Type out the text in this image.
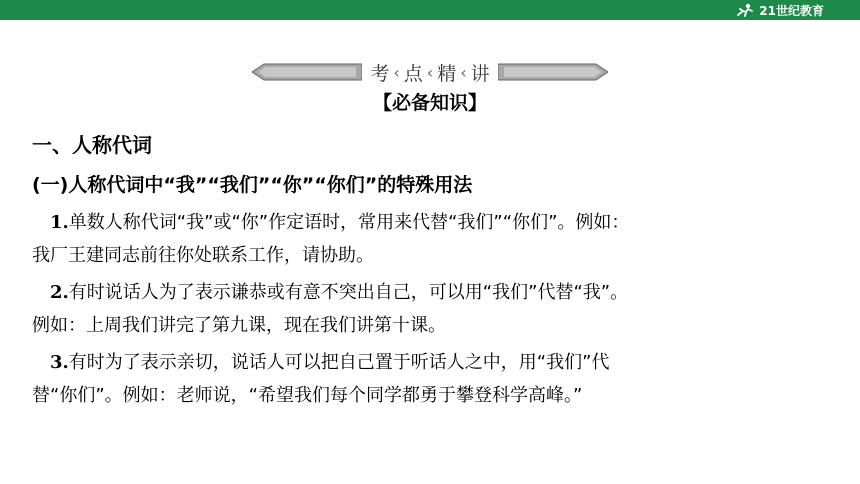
21世纪教育
考 ‹ 点 ‹ 精 ‹ 讲
【必备知识】
一、人称代词
(一)人称代词中“我”“我们”“你”“你们”的特殊用法
1.单数人称代词“我”或“你”作定语时，常用来代替“我们”“你们”。例如：
我厂王建同志前往你处联系工作，请协助。
2.有时说话人为了表示谦恭或有意不突出自己，可以用“我们”代替“我”。
例如：上周我们讲完了第九课，现在我们讲第十课。
3.有时为了表示亲切，说话人可以把自己置于听话人之中，用“我们”代
替“你们”。例如：老师说，“希望我们每个同学都勇于攀登科学高峰。”
